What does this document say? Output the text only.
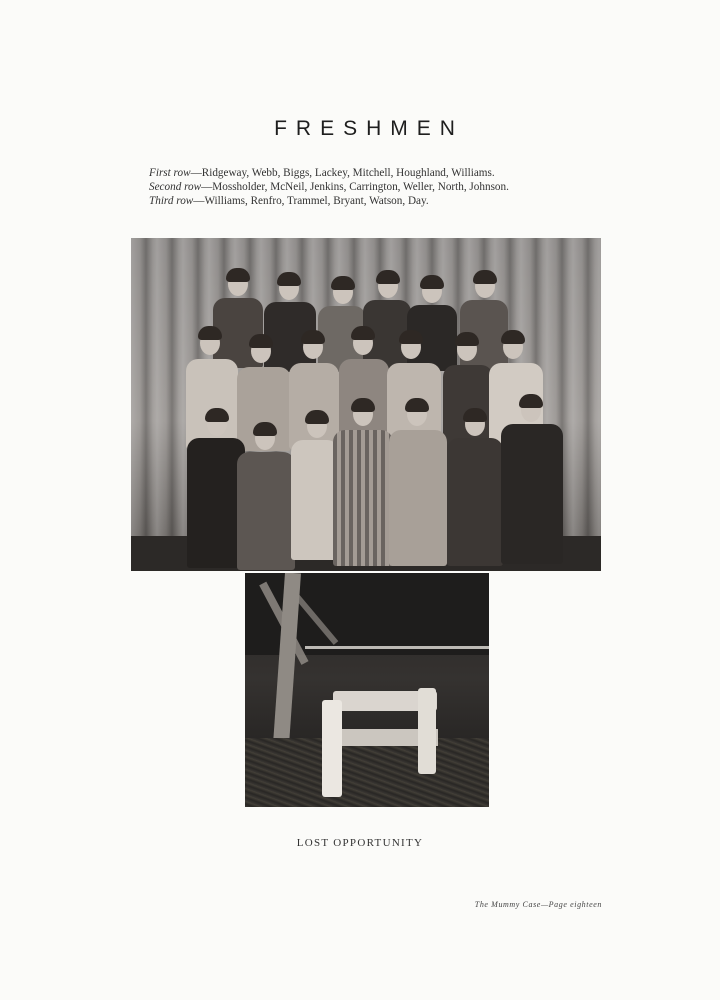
FRESHMEN
First row—Ridgeway, Webb, Biggs, Lackey, Mitchell, Houghland, Williams.
Second row—Mossholder, McNeil, Jenkins, Carrington, Weller, North, Johnson.
Third row—Williams, Renfro, Trammel, Bryant, Watson, Day.
LOST OPPORTUNITY
The Mummy Case—Page eighteen
